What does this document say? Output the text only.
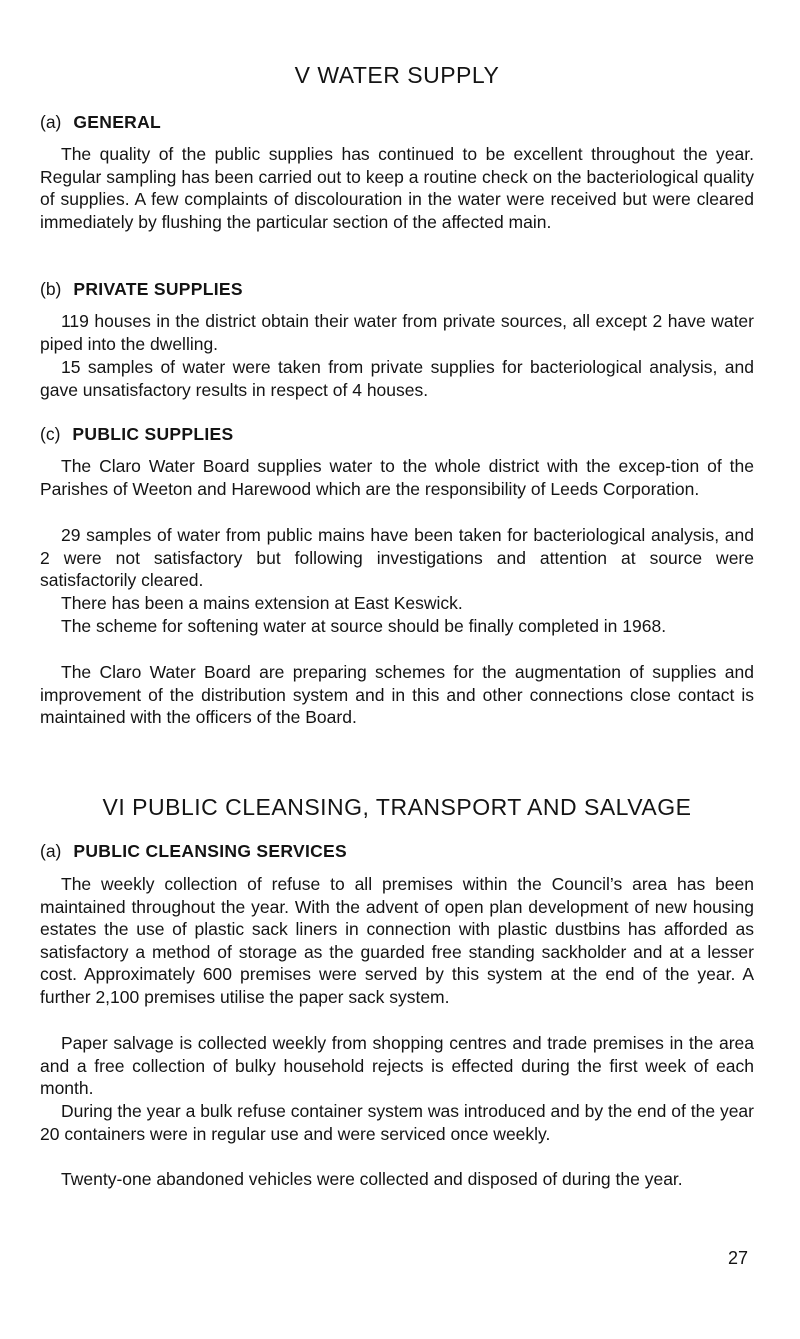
V WATER SUPPLY
(a) GENERAL

The quality of the public supplies has continued to be excellent throughout the year. Regular sampling has been carried out to keep a routine check on the bacteriological quality of supplies. A few complaints of discolouration in the water were received but were cleared immediately by flushing the particular section of the affected main.

(b) PRIVATE SUPPLIES

119 houses in the district obtain their water from private sources, all except 2 have water piped into the dwelling.

15 samples of water were taken from private supplies for bacteriological analysis, and gave unsatisfactory results in respect of 4 houses.

(c) PUBLIC SUPPLIES

The Claro Water Board supplies water to the whole district with the excep-tion of the Parishes of Weeton and Harewood which are the responsibility of Leeds Corporation.

29 samples of water from public mains have been taken for bacteriological analysis, and 2 were not satisfactory but following investigations and attention at source were satisfactorily cleared.

There has been a mains extension at East Keswick.

The scheme for softening water at source should be finally completed in 1968.

The Claro Water Board are preparing schemes for the augmentation of supplies and improvement of the distribution system and in this and other connections close contact is maintained with the officers of the Board.

VI PUBLIC CLEANSING, TRANSPORT AND SALVAGE
(a) PUBLIC CLEANSING SERVICES

The weekly collection of refuse to all premises within the Council’s area has been maintained throughout the year. With the advent of open plan development of new housing estates the use of plastic sack liners in connection with plastic dustbins has afforded as satisfactory a method of storage as the guarded free standing sackholder and at a lesser cost. Approximately 600 premises were served by this system at the end of the year. A further 2,100 premises utilise the paper sack system.

Paper salvage is collected weekly from shopping centres and trade premises in the area and a free collection of bulky household rejects is effected during the first week of each month.

During the year a bulk refuse container system was introduced and by the end of the year 20 containers were in regular use and were serviced once weekly.

Twenty-one abandoned vehicles were collected and disposed of during the year.

27
